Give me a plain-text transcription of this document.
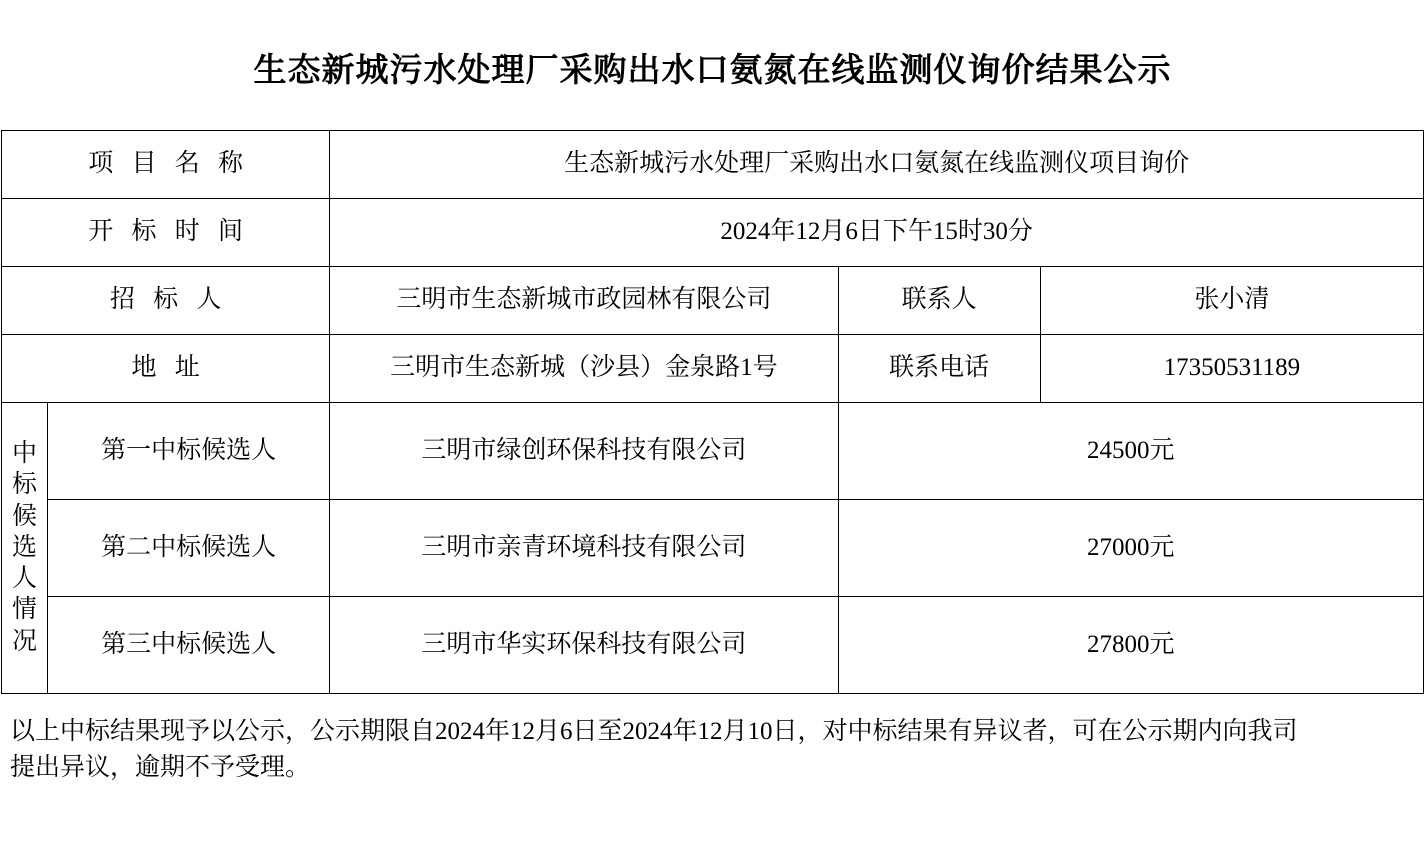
生态新城污水处理厂采购出水口氨氮在线监测仪询价结果公示
项 目 名 称		生态新城污水处理厂采购出水口氨氮在线监测仪项目询价		
开 标 时 间		2024年12月6日下午15时30分		
招 标 人		三明市生态新城市政园林有限公司	联系人	张小清
地 址		三明市生态新城（沙县）金泉路1号	联系电话	17350531189

中
标
候
选
人
情
况
	第一中标候选人	三明市绿创环保科技有限公司	24500元
	第二中标候选人	三明市亲青环境科技有限公司	27000元	
	第三中标候选人	三明市华实环保科技有限公司	27800元	

以上中标结果现予以公示，公示期限自2024年12月6日至2024年12月10日，对中标结果有异议者，可在公示期内向我司

提出异议，逾期不予受理。
